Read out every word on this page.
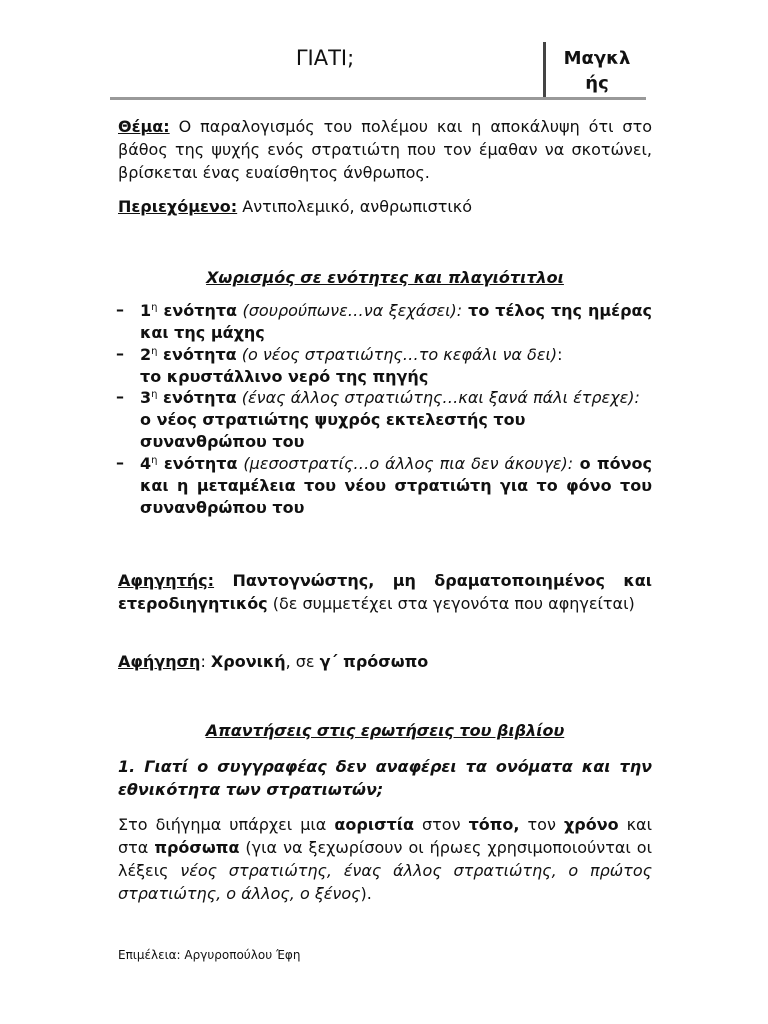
ΓΙΑΤΙ;	Μαγκλ
ής
Θέμα: Ο παραλογισμός του πολέμου και η αποκάλυψη ότι στο βάθος της ψυχής ενός στρατιώτη που τον έμαθαν να σκοτώνει, βρίσκεται ένας ευαίσθητος άνθρωπος.
Περιεχόμενο: Αντιπολεμικό, ανθρωπιστικό
Χωρισμός σε ενότητες και πλαγιότιτλοι
– $1^\eta$ ενότητα (σουρούπωνε…να ξεχάσει): το τέλος της ημέρας και της μάχης
– $2^\eta$ ενότητα (ο νέος στρατιώτης…το κεφάλι να δει):
το κρυστάλλινο νερό της πηγής
– $3^\eta$ ενότητα (ένας άλλος στρατιώτης…και ξανά πάλι έτρεχε): ο νέος στρατιώτης ψυχρός εκτελεστής του συνανθρώπου του
– $4^\eta$ ενότητα (μεσοστρατίς…ο άλλος πια δεν άκουγε): ο πόνος και η μεταμέλεια του νέου στρατιώτη για το φόνο του συνανθρώπου του
Αφηγητής: Παντογνώστης, μη δραματοποιημένος και ετεροδιηγητικός (δε συμμετέχει στα γεγονότα που αφηγείται)
Αφήγηση: Χρονική, σε γ΄ πρόσωπο
Απαντήσεις στις ερωτήσεις του βιβλίου
1. Γιατί ο συγγραφέας δεν αναφέρει τα ονόματα και την εθνικότητα των στρατιωτών;
Στο διήγημα υπάρχει μια αοριστία στον τόπο, τον χρόνο και στα πρόσωπα (για να ξεχωρίσουν οι ήρωες χρησιμοποιούνται οι λέξεις νέος στρατιώτης, ένας άλλος στρατιώτης, ο πρώτος στρατιώτης, ο άλλος, ο ξένος).
Επιμέλεια: Αργυροπούλου Έφη
